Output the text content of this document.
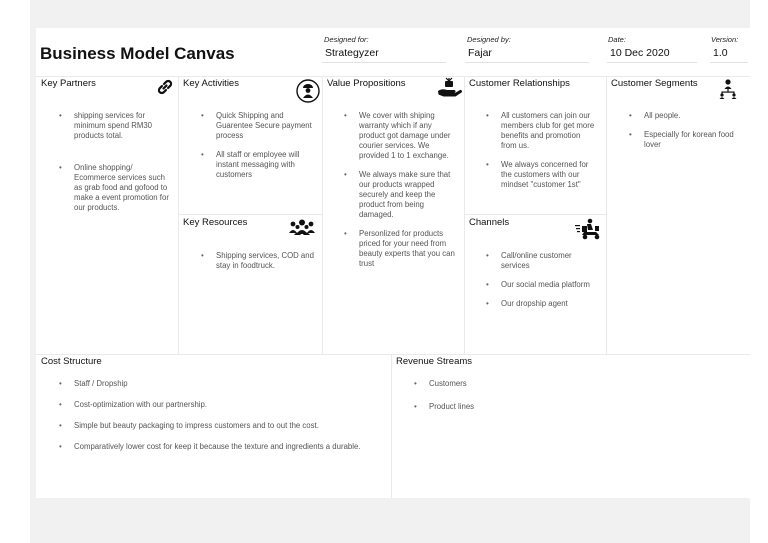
Business Model Canvas
Designed for:
Strategyzer
Designed by:
Fajar
Date:
10 Dec 2020
Version:
1.0
Key Partners
• shipping services for minimum spend RM30 products total.
• Online shopping/ Ecommerce services such as grab food and gofood to make a event promotion for our products.
Key Activities
• Quick Shipping and Guarentee Secure payment process
• All staff or employee will instant messaging with customers
Key Resources
• Shipping services, COD and stay in foodtruck.
Value Propositions
• We cover with shiping warranty which if any product got damage under courier services. We provided 1 to 1 exchange.
• We always make sure that our products wrapped securely and keep the product from being damaged.
• Personlized for products priced for your need from beauty experts that you can trust
Customer Relationships
• All customers can join our members club for get more benefits and promotion from us.
• We always concerned for the customers with our mindset "customer 1st"
Channels
• Call/online customer services
• Our social media platform
• Our dropship agent
Customer Segments
• All people.
• Especially for korean food lover
Cost Structure
• Staff / Dropship
• Cost-optimization with our partnership.
• Simple but beauty packaging to impress customers and to out the cost.
• Comparatively lower cost for keep it because the texture and ingredients a durable.
Revenue Streams
• Customers
• Product lines
